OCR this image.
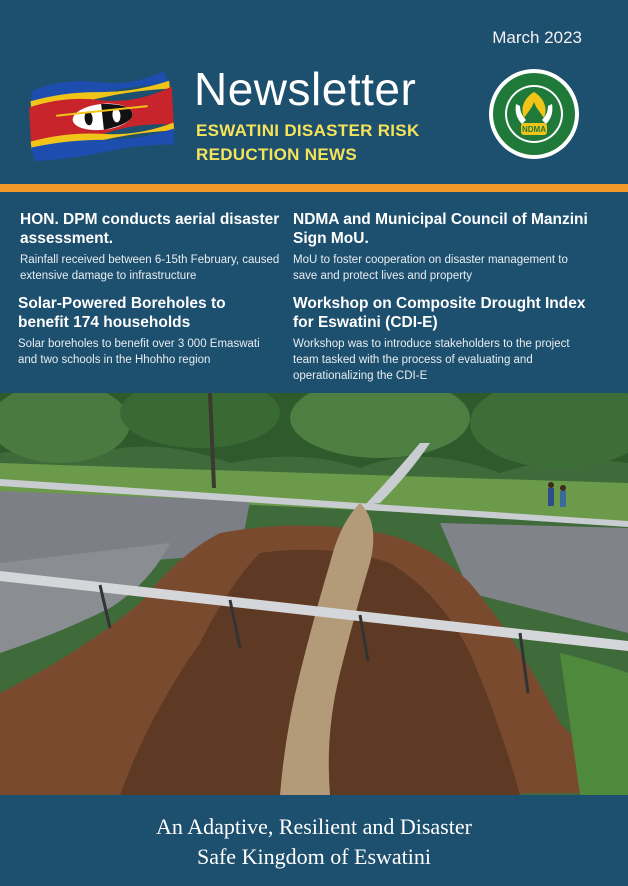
March 2023
Newsletter
ESWATINI DISASTER RISK REDUCTION NEWS
NDMA
HON. DPM conducts aerial disaster assessment.

Rainfall received between 6-15th February, caused extensive damage to infrastructure

NDMA and Municipal Council of Manzini Sign MoU.

MoU to foster cooperation on disaster management to save and protect lives and property

Solar-Powered Boreholes to benefit 174 households

Solar boreholes to benefit over 3 000 Emaswati and two schools in the Hhohho region

Workshop on Composite Drought Index for Eswatini (CDI-E)

Workshop was to introduce stakeholders to the project team tasked with the process of evaluating and operationalizing the CDI-E

An Adaptive, Resilient and Disaster
Safe Kingdom of Eswatini
